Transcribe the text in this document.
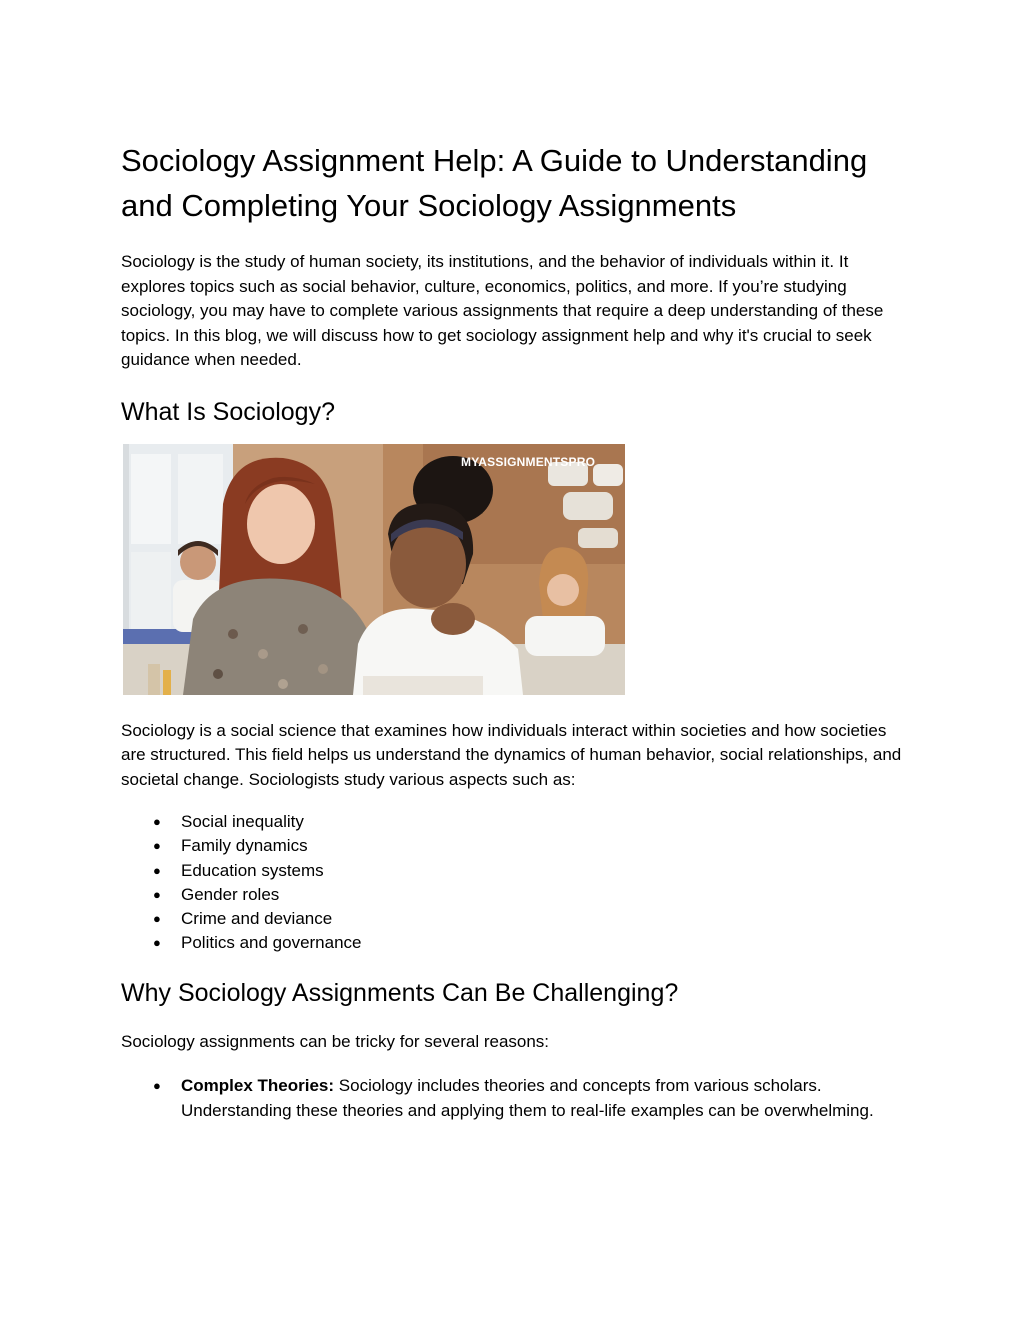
Sociology Assignment Help: A Guide to Understanding and Completing Your Sociology Assignments

Sociology is the study of human society, its institutions, and the behavior of individuals within it. It explores topics such as social behavior, culture, economics, politics, and more. If you’re studying sociology, you may have to complete various assignments that require a deep understanding of these topics. In this blog, we will discuss how to get sociology assignment help and why it's crucial to seek guidance when needed.

What Is Sociology?
MYASSIGNMENTSPRO

Sociology is a social science that examines how individuals interact within societies and how societies are structured. This field helps us understand the dynamics of human behavior, social relationships, and societal change. Sociologists study various aspects such as:

● Social inequality
● Family dynamics
● Education systems
● Gender roles
● Crime and deviance
● Politics and governance
Why Sociology Assignments Can Be Challenging?

Sociology assignments can be tricky for several reasons:

● Complex Theories: Sociology includes theories and concepts from various scholars. Understanding these theories and applying them to real-life examples can be overwhelming.
